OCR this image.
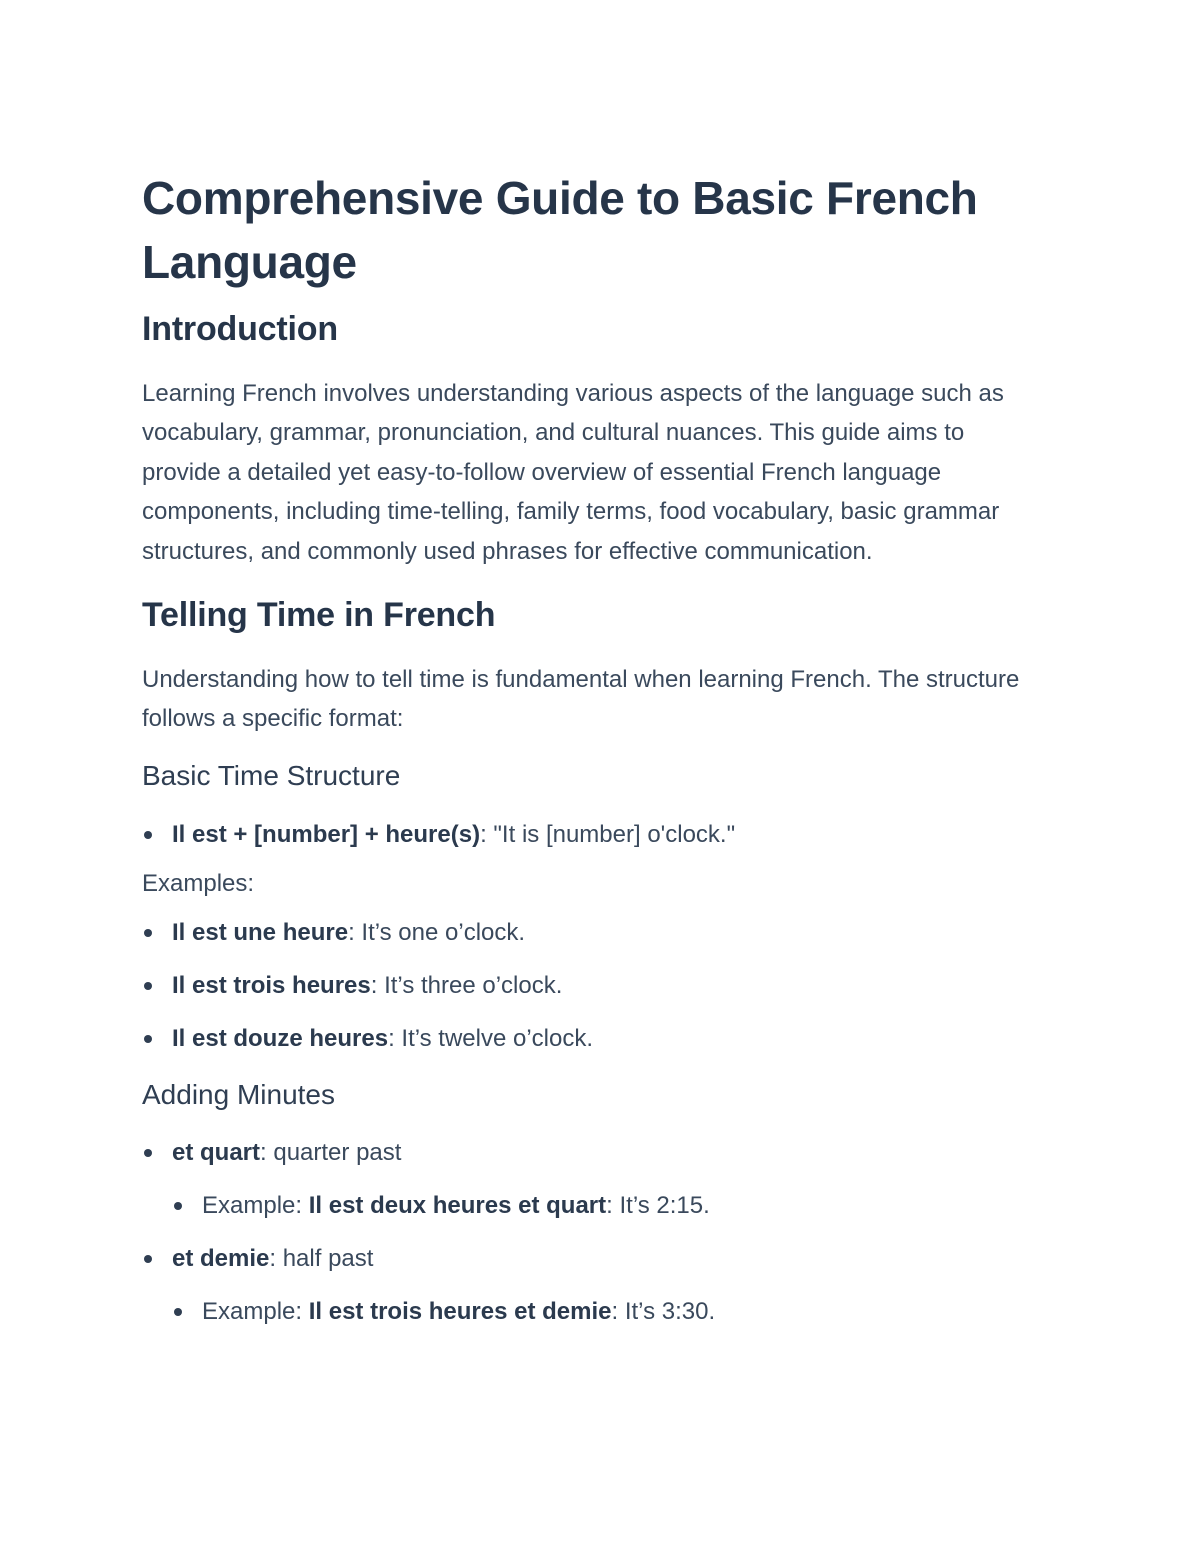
Comprehensive Guide to Basic French Language
Introduction

Learning French involves understanding various aspects of the language such as vocabulary, grammar, pronunciation, and cultural nuances. This guide aims to provide a detailed yet easy-to-follow overview of essential French language components, including time-telling, family terms, food vocabulary, basic grammar structures, and commonly used phrases for effective communication.

Telling Time in French

Understanding how to tell time is fundamental when learning French. The structure follows a specific format:

Basic Time Structure
Il est + [number] + heure(s): "It is [number] o'clock."

Examples:

Il est une heure: It’s one o’clock.
Il est trois heures: It’s three o’clock.
Il est douze heures: It’s twelve o’clock.
Adding Minutes
et quart: quarter past
Example: Il est deux heures et quart: It’s 2:15.
et demie: half past
Example: Il est trois heures et demie: It’s 3:30.
